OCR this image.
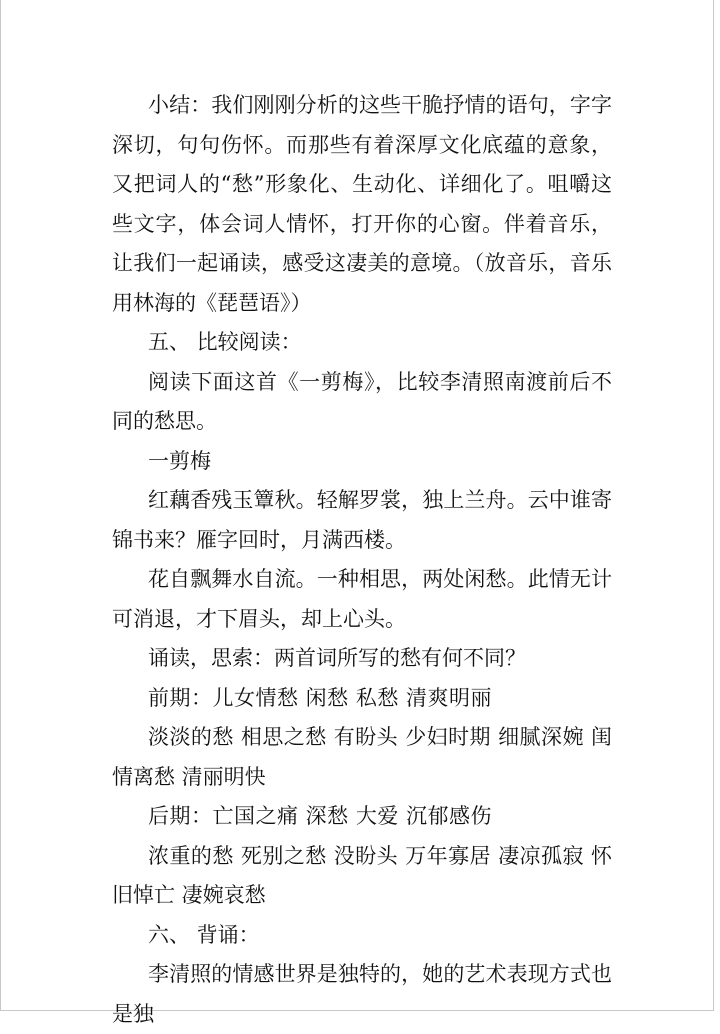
小结：我们刚刚分析的这些干脆抒情的语句，字字深切，句句伤怀。而那些有着深厚文化底蕴的意象，又把词人的“愁”形象化、生动化、详细化了。咀嚼这些文字，体会词人情怀，打开你的心窗。伴着音乐，让我们一起诵读，感受这凄美的意境。（放音乐，音乐用林海的《琵琶语》）

五、 比较阅读：

阅读下面这首《一剪梅》，比较李清照南渡前后不同的愁思。

一剪梅

红藕香残玉簟秋。轻解罗裳，独上兰舟。云中谁寄锦书来？雁字回时，月满西楼。

花自飘舞水自流。一种相思，两处闲愁。此情无计可消退，才下眉头，却上心头。

诵读，思索：两首词所写的愁有何不同？

前期：儿女情愁 闲愁 私愁 清爽明丽

淡淡的愁 相思之愁 有盼头 少妇时期 细腻深婉 闺情离愁 清丽明快

后期：亡国之痛 深愁 大爱 沉郁感伤

浓重的愁 死别之愁 没盼头 万年寡居 凄凉孤寂 怀旧悼亡 凄婉哀愁

六、 背诵：

李清照的情感世界是独特的，她的艺术表现方式也是独
